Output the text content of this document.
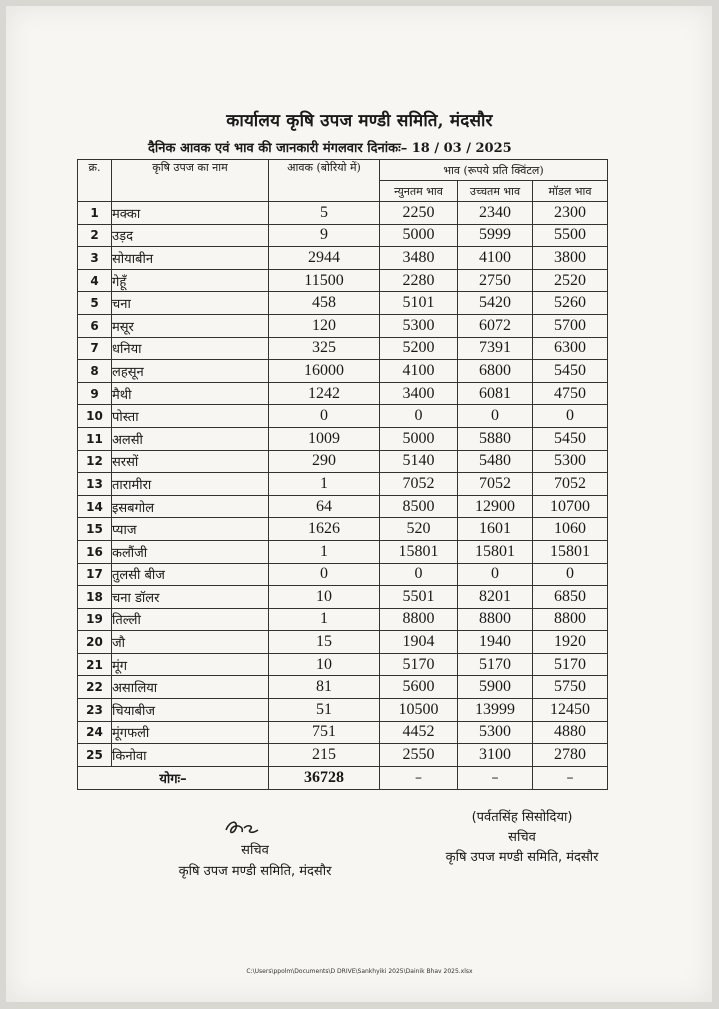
कार्यालय कृषि उपज मण्डी समिति, मंदसौर
दैनिक आवक एवं भाव की जानकारी मंगलवार दिनांकः– 18 / 03 / 2025
क्र.	कृषि उपज का नाम	आवक (बोरियो में)	भाव (रूपये प्रति क्विंटल)		
			न्युनतम भाव	उच्चतम भाव	मॉडल भाव
1	मक्का	5	2250	2340	2300
2	उड़द	9	5000	5999	5500
3	सोयाबीन	2944	3480	4100	3800
4	गेहूँ	11500	2280	2750	2520
5	चना	458	5101	5420	5260
6	मसूर	120	5300	6072	5700
7	धनिया	325	5200	7391	6300
8	लहसून	16000	4100	6800	5450
9	मैथी	1242	3400	6081	4750
10	पोस्ता	0	0	0	0
11	अलसी	1009	5000	5880	5450
12	सरसों	290	5140	5480	5300
13	तारामीरा	1	7052	7052	7052
14	इसबगोल	64	8500	12900	10700
15	प्याज	1626	520	1601	1060
16	कलौंजी	1	15801	15801	15801
17	तुलसी बीज	0	0	0	0
18	चना डॉलर	10	5501	8201	6850
19	तिल्ली	1	8800	8800	8800
20	जौ	15	1904	1940	1920
21	मूंग	10	5170	5170	5170
22	असालिया	81	5600	5900	5750
23	चियाबीज	51	10500	13999	12450
24	मूंगफली	751	4452	5300	4880
25	किनोवा	215	2550	3100	2780
योगः–		36728	–	–	–
सचिव
कृषि उपज मण्डी समिति, मंदसौर
(पर्वतसिंह सिसोदिया)
सचिव
कृषि उपज मण्डी समिति, मंदसौर
C:\Users\ppolm\Documents\D DRIVE\Sankhyiki 2025\Dainik Bhav 2025.xlsx
